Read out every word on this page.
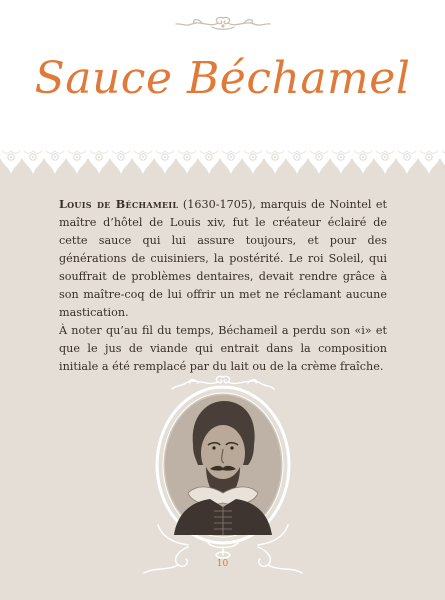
Sauce Béchamel

Louis de Béchameil (1630-1705), marquis de Nointel et maître d’hôtel de Louis xiv, fut le créateur éclairé de cette sauce qui lui assure toujours, et pour des générations de cuisiniers, la postérité. Le roi Soleil, qui souffrait de problèmes dentaires, devait rendre grâce à son maître-coq de lui offrir un met ne réclamant aucune mastication.

À noter qu’au fil du temps, Béchameil a perdu son «i» et que le jus de viande qui entrait dans la composition initiale a été remplacé par du lait ou de la crème fraîche.

10
